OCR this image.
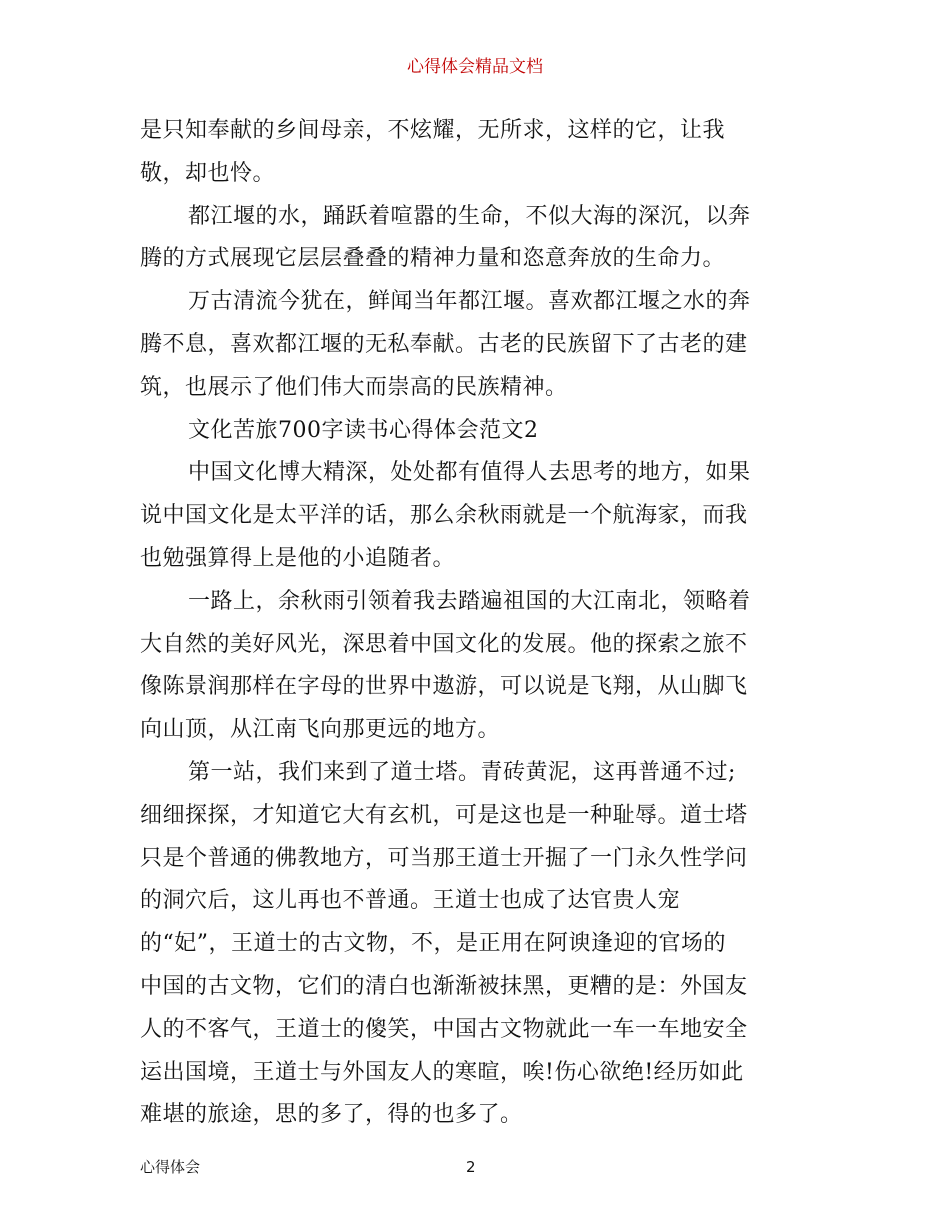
心得体会精品文档
是只知奉献的乡间母亲，不炫耀，无所求，这样的它，让我
敬，却也怜。
都江堰的水，踊跃着喧嚣的生命，不似大海的深沉，以奔
腾的方式展现它层层叠叠的精神力量和恣意奔放的生命力。
万古清流今犹在，鲜闻当年都江堰。喜欢都江堰之水的奔
腾不息，喜欢都江堰的无私奉献。古老的民族留下了古老的建
筑，也展示了他们伟大而崇高的民族精神。
文化苦旅700字读书心得体会范文2
中国文化博大精深，处处都有值得人去思考的地方，如果
说中国文化是太平洋的话，那么余秋雨就是一个航海家，而我
也勉强算得上是他的小追随者。
一路上，余秋雨引领着我去踏遍祖国的大江南北，领略着
大自然的美好风光，深思着中国文化的发展。他的探索之旅不
像陈景润那样在字母的世界中遨游，可以说是飞翔，从山脚飞
向山顶，从江南飞向那更远的地方。
第一站，我们来到了道士塔。青砖黄泥，这再普通不过;
细细探探，才知道它大有玄机，可是这也是一种耻辱。道士塔
只是个普通的佛教地方，可当那王道士开掘了一门永久性学问
的洞穴后，这儿再也不普通。王道士也成了达官贵人宠
的“妃”，王道士的古文物，不，是正用在阿谀逢迎的官场的
中国的古文物，它们的清白也渐渐被抹黑，更糟的是：外国友
人的不客气，王道士的傻笑，中国古文物就此一车一车地安全
运出国境，王道士与外国友人的寒暄，唉!伤心欲绝!经历如此
难堪的旅途，思的多了，得的也多了。
心得体会	2
